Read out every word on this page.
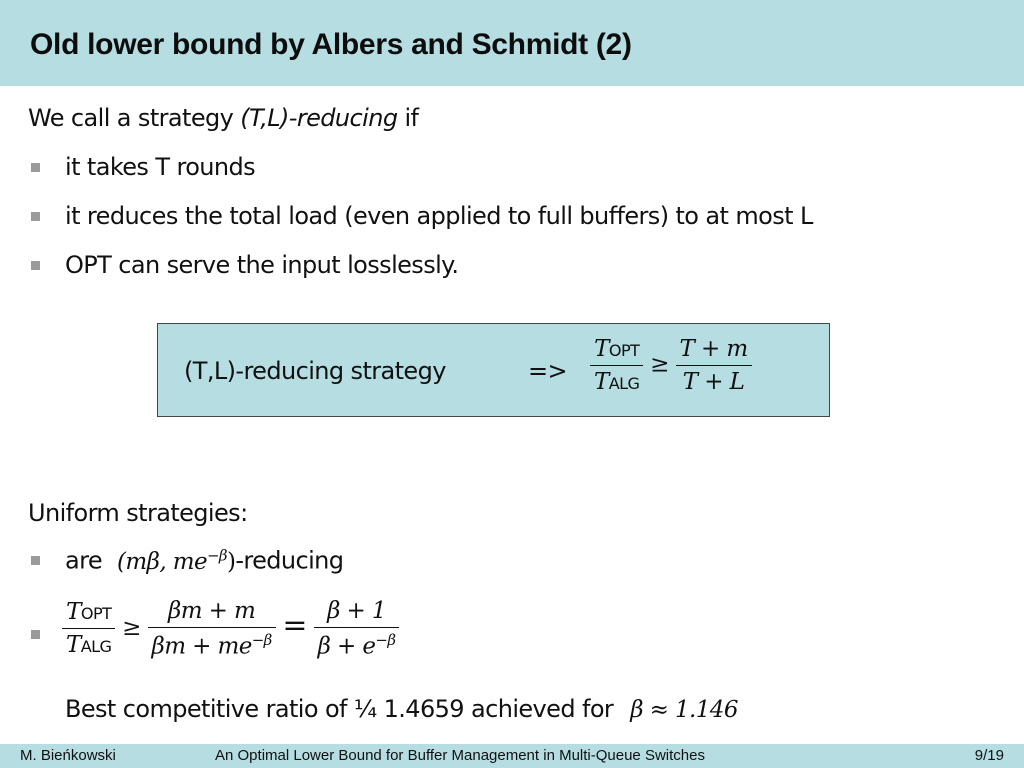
Old lower bound by Albers and Schmidt (2)
We call a strategy (T,L)-reducing if
it takes T rounds
it reduces the total load (even applied to full buffers) to at most L
OPT can serve the input losslessly.
(T,L)-reducing strategy	=> $\frac{\text{TOPT}}{\text{TALG}} \ge \frac{T + m}{T + L}$
Uniform strategies:
are (mβ, $me^{-\beta}$)-reducing
$\frac{\text{TOPT}}{\text{TALG}} \ge \frac{\beta m + m}{\beta m + me^{-\beta}} = \frac{\beta + 1}{\beta + e^{-\beta}}$
Best competitive ratio of ¼ 1.4659 achieved for β ≈ 1.146
M. Bieńkowski	An Optimal Lower Bound for Buffer Management in Multi-Queue Switches	9/19
